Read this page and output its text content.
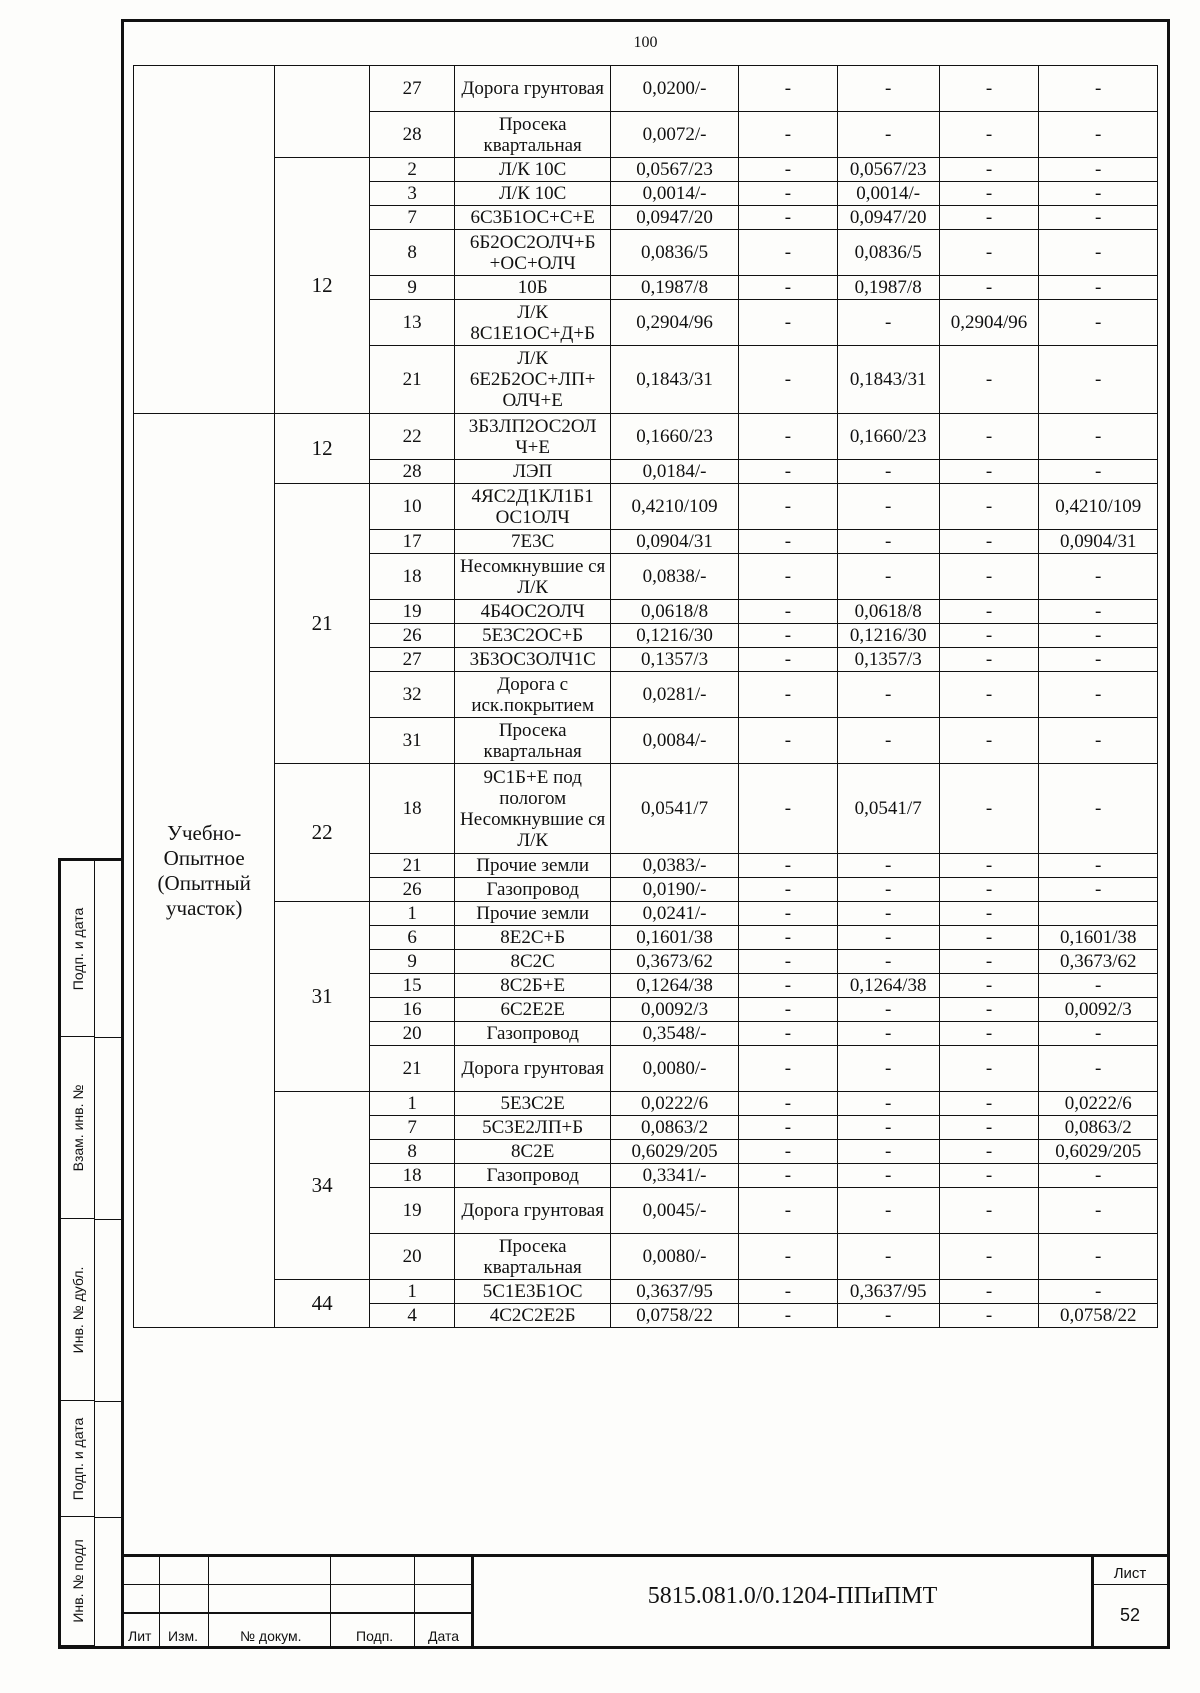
100
		27	Дорога грунтовая	0,0200/-	-	-	-	-
		28	Просека квартальная	0,0072/-	-	-	-	-
	12	2	Л/К 10С	0,0567/23	-	0,0567/23	-	-
		3	Л/К 10С	0,0014/-	-	0,0014/-	-	-
		7	6С3Б1ОС+С+Е	0,0947/20	-	0,0947/20	-	-
		8	6Б2ОС2ОЛЧ+Б +ОС+ОЛЧ	0,0836/5	-	0,0836/5	-	-
		9	10Б	0,1987/8	-	0,1987/8	-	-
		13	Л/К 8С1Е1ОС+Д+Б	0,2904/96	-	-	0,2904/96	-
		21	Л/К 6Е2Б2ОС+ЛП+ ОЛЧ+Е	0,1843/31	-	0,1843/31	-	-
Учебно-
Опытное
(Опытный
участок)	12	22	3Б3ЛП2ОС2ОЛ Ч+Е	0,1660/23	-	0,1660/23	-	-
		28	ЛЭП	0,0184/-	-	-	-	-
	21	10	4ЯС2Д1КЛ1Б1 ОС1ОЛЧ	0,4210/109	-	-	-	0,4210/109
		17	7Е3С	0,0904/31	-	-	-	0,0904/31
		18	Несомкнувшие ся Л/К	0,0838/-	-	-	-	-
		19	4Б4ОС2ОЛЧ	0,0618/8	-	0,0618/8	-	-
		26	5Е3С2ОС+Б	0,1216/30	-	0,1216/30	-	-
		27	3Б3ОС3ОЛЧ1С	0,1357/3	-	0,1357/3	-	-
		32	Дорога с иск.покрытием	0,0281/-	-	-	-	-
		31	Просека квартальная	0,0084/-	-	-	-	-
	22	18	9С1Б+Е под пологом Несомкнувшие ся Л/К	0,0541/7	-	0,0541/7	-	-
		21	Прочие земли	0,0383/-	-	-	-	-
		26	Газопровод	0,0190/-	-	-	-	-
	31	1	Прочие земли	0,0241/-	-	-	-	
		6	8Е2С+Б	0,1601/38	-	-	-	0,1601/38
		9	8С2С	0,3673/62	-	-	-	0,3673/62
		15	8С2Б+Е	0,1264/38	-	0,1264/38	-	-
		16	6С2Е2Е	0,0092/3	-	-	-	0,0092/3
		20	Газопровод	0,3548/-	-	-	-	-
		21	Дорога грунтовая	0,0080/-	-	-	-	-
	34	1	5Е3С2Е	0,0222/6	-	-	-	0,0222/6
		7	5С3Е2ЛП+Б	0,0863/2	-	-	-	0,0863/2
		8	8С2Е	0,6029/205	-	-	-	0,6029/205
		18	Газопровод	0,3341/-	-	-	-	-
		19	Дорога грунтовая	0,0045/-	-	-	-	-
		20	Просека квартальная	0,0080/-	-	-	-	-
	44	1	5С1Е3Б1ОС	0,3637/95	-	0,3637/95	-	-
		4	4С2С2Е2Б	0,0758/22	-	-	-	0,0758/22
Лит Изм.	№ докум.	Подп. Дата
5815.081.0/0.1204-ППиПМТ
Лист
52
Подп. и дата
Взам. инв. №
Инв. № дубл.
Подп. и дата
Инв. № подл
